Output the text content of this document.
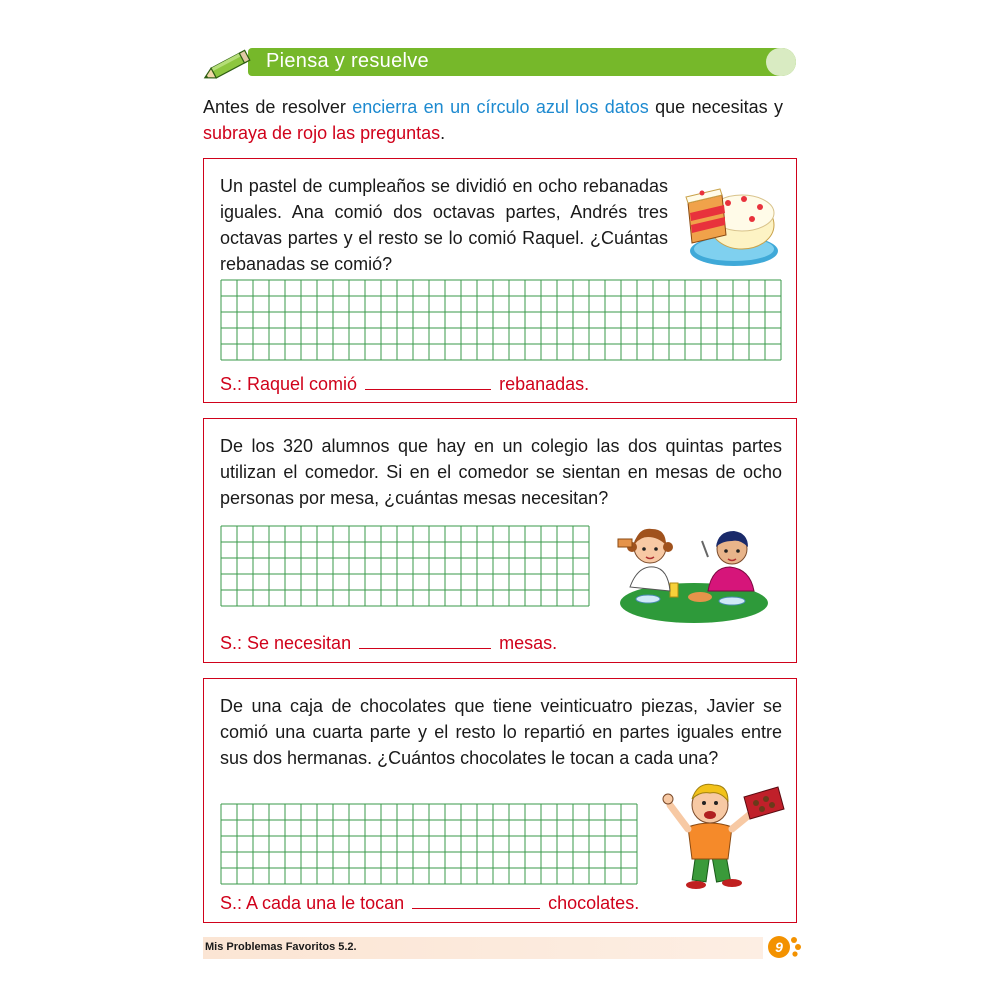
Piensa y resuelve

Antes de resolver encierra en un círculo azul los datos que necesitas y subraya de rojo las preguntas.

Un pastel de cumpleaños se dividió en ocho rebanadas iguales. Ana comió dos octavas partes, Andrés tres octavas partes y el resto se lo comió Raquel. ¿Cuántas rebanadas se comió?

S.: Raquel comió	rebanadas.

De los 320 alumnos que hay en un colegio las dos quintas partes utilizan el comedor. Si en el comedor se sientan en mesas de ocho personas por mesa, ¿cuántas mesas necesitan?

S.: Se necesitan	mesas.

De una caja de chocolates que tiene veinticuatro piezas, Javier se comió una cuarta parte y el resto lo repartió en partes iguales entre sus dos hermanas. ¿Cuántos chocolates le tocan a cada una?

S.: A cada una le tocan	chocolates.
Mis Problemas Favoritos 5.2.	9
